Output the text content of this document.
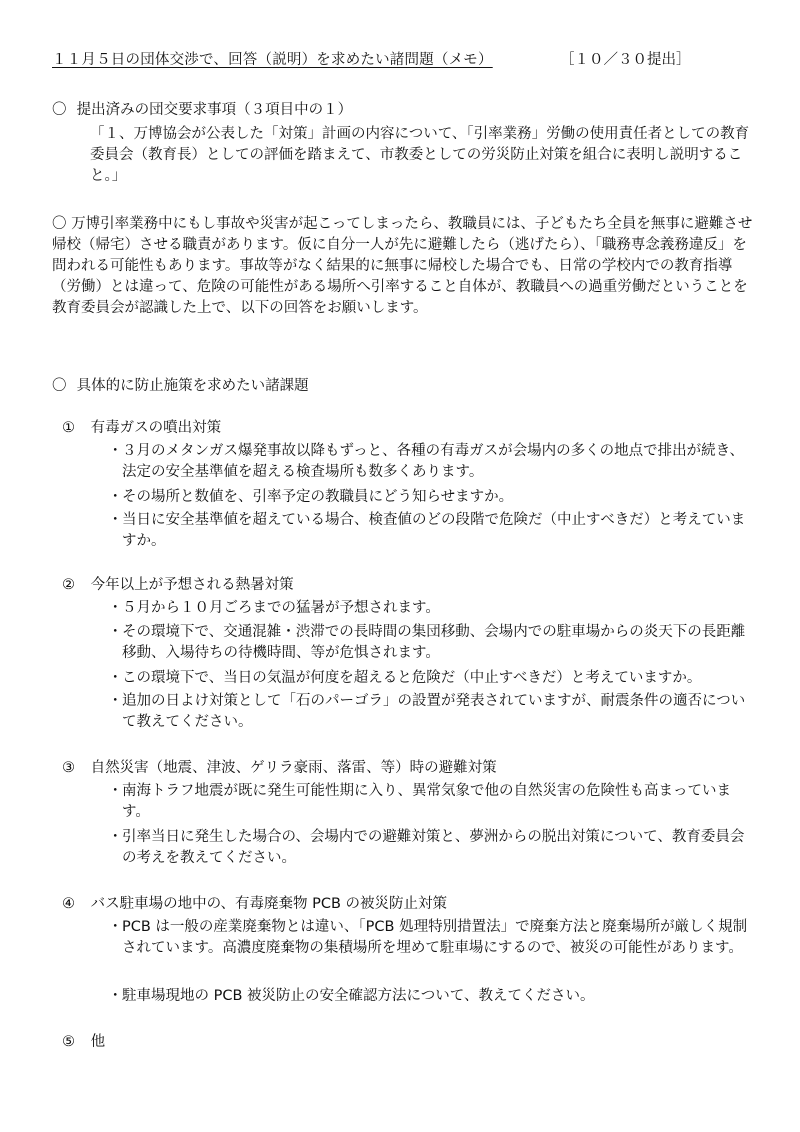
１１月５日の団体交渉で、回答（説明）を求めたい諸問題（メモ）	［１０／３０提出］
〇 提出済みの団交要求事項（３項目中の１）
「１、万博協会が公表した「対策」計画の内容について、「引率業務」労働の使用責任者としての教育委員会（教育長）としての評価を踏まえて、市教委としての労災防止対策を組合に表明し説明すること。」
〇 万博引率業務中にもし事故や災害が起こってしまったら、教職員には、子どもたち全員を無事に避難させ帰校（帰宅）させる職責があります。仮に自分一人が先に避難したら（逃げたら）、「職務専念義務違反」を問われる可能性もあります。事故等がなく結果的に無事に帰校した場合でも、日常の学校内での教育指導（労働）とは違って、危険の可能性がある場所へ引率すること自体が、教職員への過重労働だということを教育委員会が認識した上で、以下の回答をお願いします。
〇 具体的に防止施策を求めたい諸課題
① 有毒ガスの噴出対策
・ ３月のメタンガス爆発事故以降もずっと、各種の有毒ガスが会場内の多くの地点で排出が続き、法定の安全基準値を超える検査場所も数多くあります。
・ その場所と数値を、引率予定の教職員にどう知らせますか。
・ 当日に安全基準値を超えている場合、検査値のどの段階で危険だ（中止すべきだ）と考えていますか。
② 今年以上が予想される熱暑対策
・ ５月から１０月ごろまでの猛暑が予想されます。
・ その環境下で、交通混雑・渋滞での長時間の集団移動、会場内での駐車場からの炎天下の長距離移動、入場待ちの待機時間、等が危惧されます。
・ この環境下で、当日の気温が何度を超えると危険だ（中止すべきだ）と考えていますか。
・ 追加の日よけ対策として「石のパーゴラ」の設置が発表されていますが、耐震条件の適否について教えてください。
③ 自然災害（地震、津波、ゲリラ豪雨、落雷、等）時の避難対策
・ 南海トラフ地震が既に発生可能性期に入り、異常気象で他の自然災害の危険性も高まっています。
・ 引率当日に発生した場合の、会場内での避難対策と、夢洲からの脱出対策について、教育委員会の考えを教えてください。
④ バス駐車場の地中の、有毒廃棄物 PCB の被災防止対策
・ PCB は一般の産業廃棄物とは違い、「PCB 処理特別措置法」で廃棄方法と廃棄場所が厳しく規制されています。高濃度廃棄物の集積場所を埋めて駐車場にするので、被災の可能性があります。
・ 駐車場現地の PCB 被災防止の安全確認方法について、教えてください。
⑤ 他
